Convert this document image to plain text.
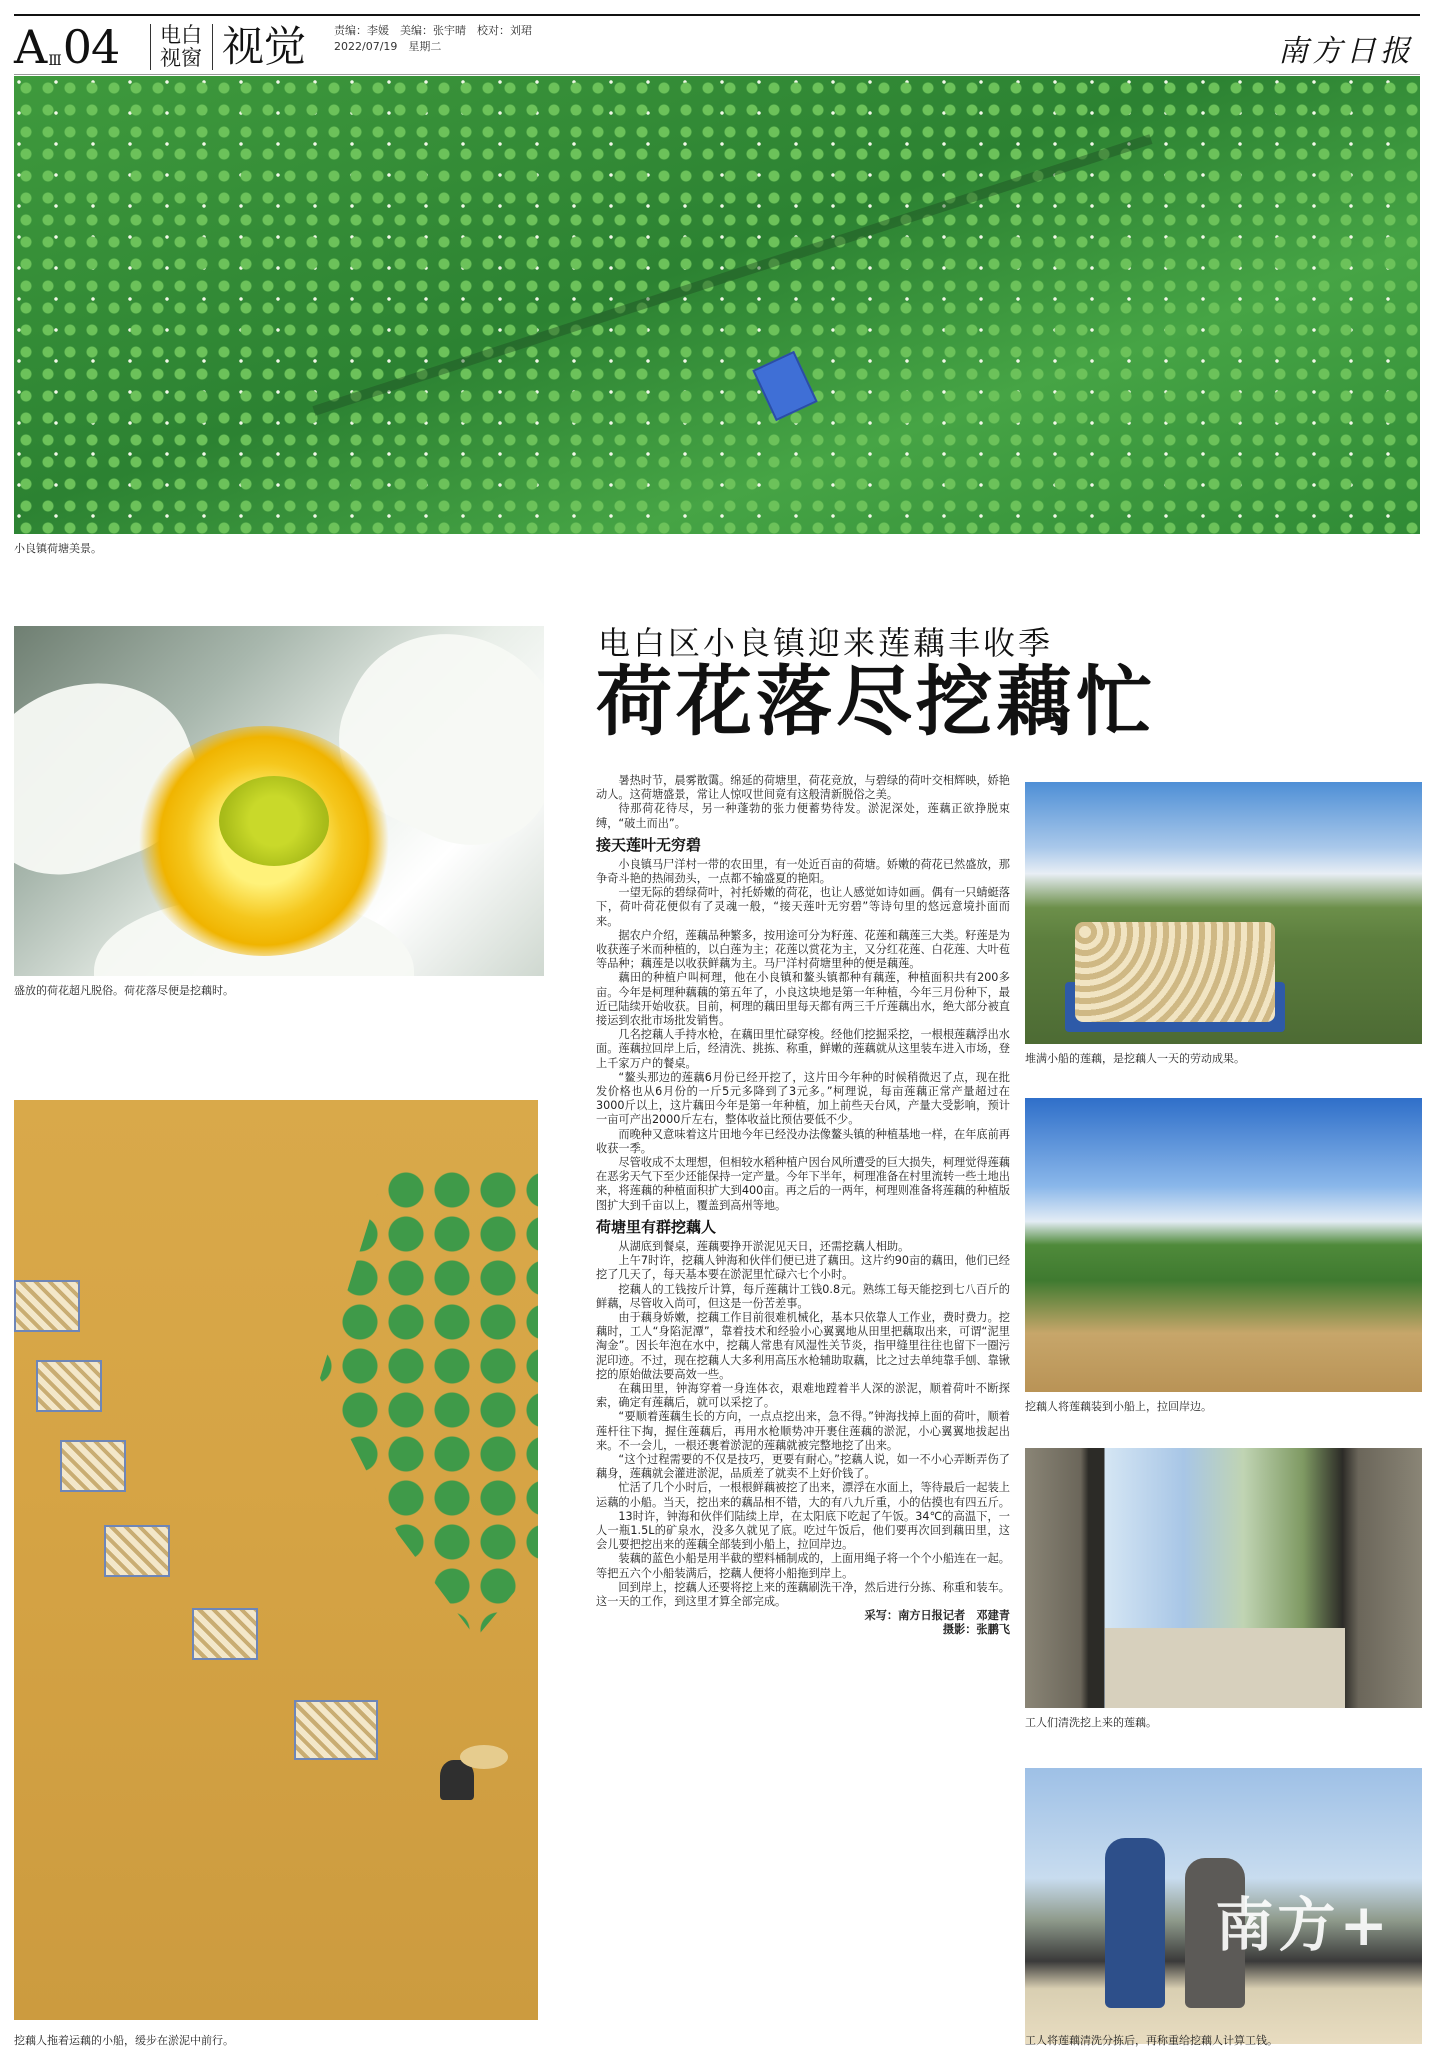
A Ⅲ04 电白
视窗 视觉	责编：李媛　美编：张宇晴　校对：刘珺
2022/07/19　星期二	南方日报
小良镇荷塘美景。
盛放的荷花超凡脱俗。荷花落尽便是挖藕时。
挖藕人拖着运藕的小船，缓步在淤泥中前行。
堆满小船的莲藕，是挖藕人一天的劳动成果。
挖藕人将莲藕装到小船上，拉回岸边。
工人们清洗挖上来的莲藕。
南方+
工人将莲藕清洗分拣后，再称重给挖藕人计算工钱。
电白区小良镇迎来莲藕丰收季
荷花落尽挖藕忙

暑热时节，晨雾散霭。绵延的荷塘里，荷花竞放，与碧绿的荷叶交相辉映，娇艳动人。这荷塘盛景，常让人惊叹世间竟有这般清新脱俗之美。

待那荷花待尽，另一种蓬勃的张力便蓄势待发。淤泥深处，莲藕正欲挣脱束缚，“破土而出”。

接天莲叶无穷碧

小良镇马尸洋村一带的农田里，有一处近百亩的荷塘。娇嫩的荷花已然盛放，那争奇斗艳的热闹劲头，一点都不输盛夏的艳阳。

一望无际的碧绿荷叶，衬托娇嫩的荷花，也让人感觉如诗如画。偶有一只蜻蜓落下，荷叶荷花便似有了灵魂一般，“接天莲叶无穷碧”等诗句里的悠远意境扑面而来。

据农户介绍，莲藕品种繁多，按用途可分为籽莲、花莲和藕莲三大类。籽莲是为收获莲子米而种植的，以白莲为主；花莲以赏花为主，又分红花莲、白花莲、大叶苞等品种；藕莲是以收获鲜藕为主。马尸洋村荷塘里种的便是藕莲。

藕田的种植户叫柯理，他在小良镇和鳌头镇都种有藕莲，种植面积共有200多亩。今年是柯理种藕藕的第五年了，小良这块地是第一年种植，今年三月份种下，最近已陆续开始收获。目前，柯理的藕田里每天都有两三千斤莲藕出水，绝大部分被直接运到农批市场批发销售。

几名挖藕人手持水枪，在藕田里忙碌穿梭。经他们挖掘采挖，一根根莲藕浮出水面。莲藕拉回岸上后，经清洗、挑拣、称重，鲜嫩的莲藕就从这里装车进入市场，登上千家万户的餐桌。

“鳌头那边的莲藕6月份已经开挖了，这片田今年种的时候稍微迟了点，现在批发价格也从6月份的一斤5元多降到了3元多。”柯理说，每亩莲藕正常产量超过在3000斤以上，这片藕田今年是第一年种植，加上前些天台风，产量大受影响，预计一亩可产出2000斤左右，整体收益比预估要低不少。

而晚种又意味着这片田地今年已经没办法像鳌头镇的种植基地一样，在年底前再收获一季。

尽管收成不太理想，但相较水稻种植户因台风所遭受的巨大损失，柯理觉得莲藕在恶劣天气下至少还能保持一定产量。今年下半年，柯理准备在村里流转一些土地出来，将莲藕的种植面积扩大到400亩。再之后的一两年，柯理则准备将莲藕的种植版图扩大到千亩以上，覆盖到高州等地。

荷塘里有群挖藕人

从湖底到餐桌，莲藕要挣开淤泥见天日，还需挖藕人相助。

上午7时许，挖藕人钟海和伙伴们便已进了藕田。这片约90亩的藕田，他们已经挖了几天了，每天基本要在淤泥里忙碌六七个小时。

挖藕人的工钱按斤计算，每斤莲藕计工钱0.8元。熟练工每天能挖到七八百斤的鲜藕，尽管收入尚可，但这是一份苦差事。

由于藕身娇嫩，挖藕工作目前很难机械化，基本只依靠人工作业，费时费力。挖藕时，工人“身陷泥潭”，靠着技术和经验小心翼翼地从田里把藕取出来，可谓“泥里淘金”。因长年泡在水中，挖藕人常患有风湿性关节炎，指甲缝里往往也留下一圈污泥印迹。不过，现在挖藕人大多利用高压水枪辅助取藕，比之过去单纯靠手刨、靠锹挖的原始做法要高效一些。

在藕田里，钟海穿着一身连体衣，艰难地蹚着半人深的淤泥，顺着荷叶不断探索，确定有莲藕后，就可以采挖了。

“要顺着莲藕生长的方向，一点点挖出来，急不得。”钟海找掉上面的荷叶，顺着莲杆往下掏，握住莲藕后，再用水枪顺势冲开裹住莲藕的淤泥，小心翼翼地拔起出来。不一会儿，一根还裹着淤泥的莲藕就被完整地挖了出来。

“这个过程需要的不仅是技巧，更要有耐心。”挖藕人说，如一不小心弄断弄伤了藕身，莲藕就会灌进淤泥，品质差了就卖不上好价钱了。

忙活了几个小时后，一根根鲜藕被挖了出来，漂浮在水面上，等待最后一起装上运藕的小船。当天，挖出来的藕品相不错，大的有八九斤重，小的估摸也有四五斤。

13时许，钟海和伙伴们陆续上岸，在太阳底下吃起了午饭。34℃的高温下，一人一瓶1.5L的矿泉水，没多久就见了底。吃过午饭后，他们要再次回到藕田里，这会儿要把挖出来的莲藕全部装到小船上，拉回岸边。

装藕的蓝色小船是用半截的塑料桶制成的，上面用绳子将一个个小船连在一起。等把五六个小船装满后，挖藕人便将小船拖到岸上。

回到岸上，挖藕人还要将挖上来的莲藕刷洗干净，然后进行分拣、称重和装车。这一天的工作，到这里才算全部完成。

采写：南方日报记者　邓建青

摄影：张鹏飞
